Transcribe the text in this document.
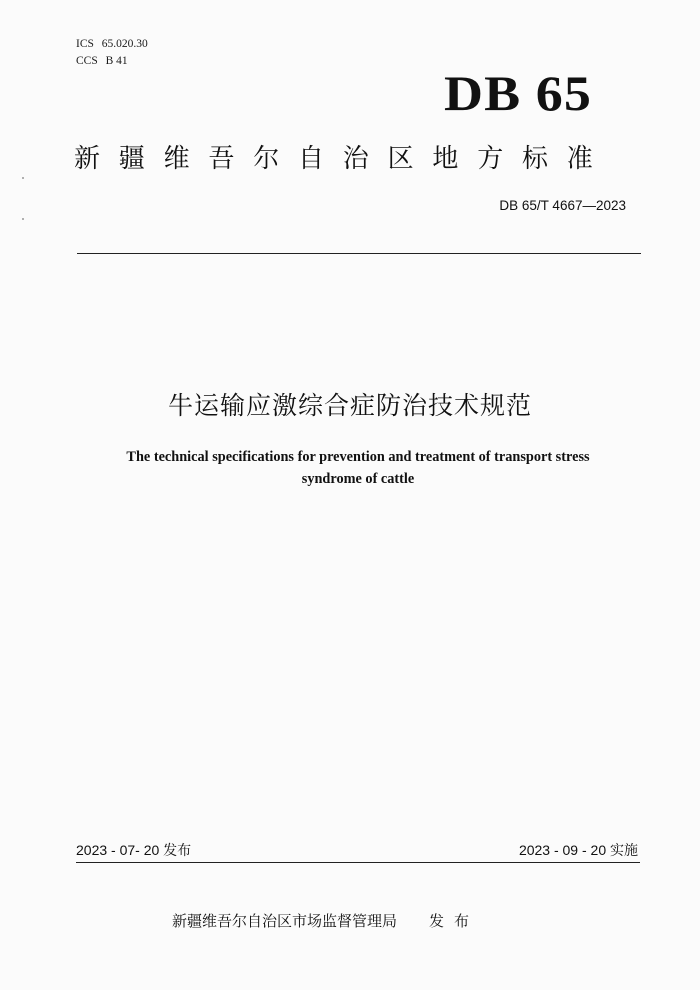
ICS 65.020.30
CCS B 41
DB 65
新疆维吾尔自治区地方标准
DB 65/T 4667—2023
牛运输应激综合症防治技术规范
The technical specifications for prevention and treatment of transport stress
syndrome of cattle
2023 - 07- 20 发布	2023 - 09 - 20 实施
新疆维吾尔自治区市场监督管理局 发布
